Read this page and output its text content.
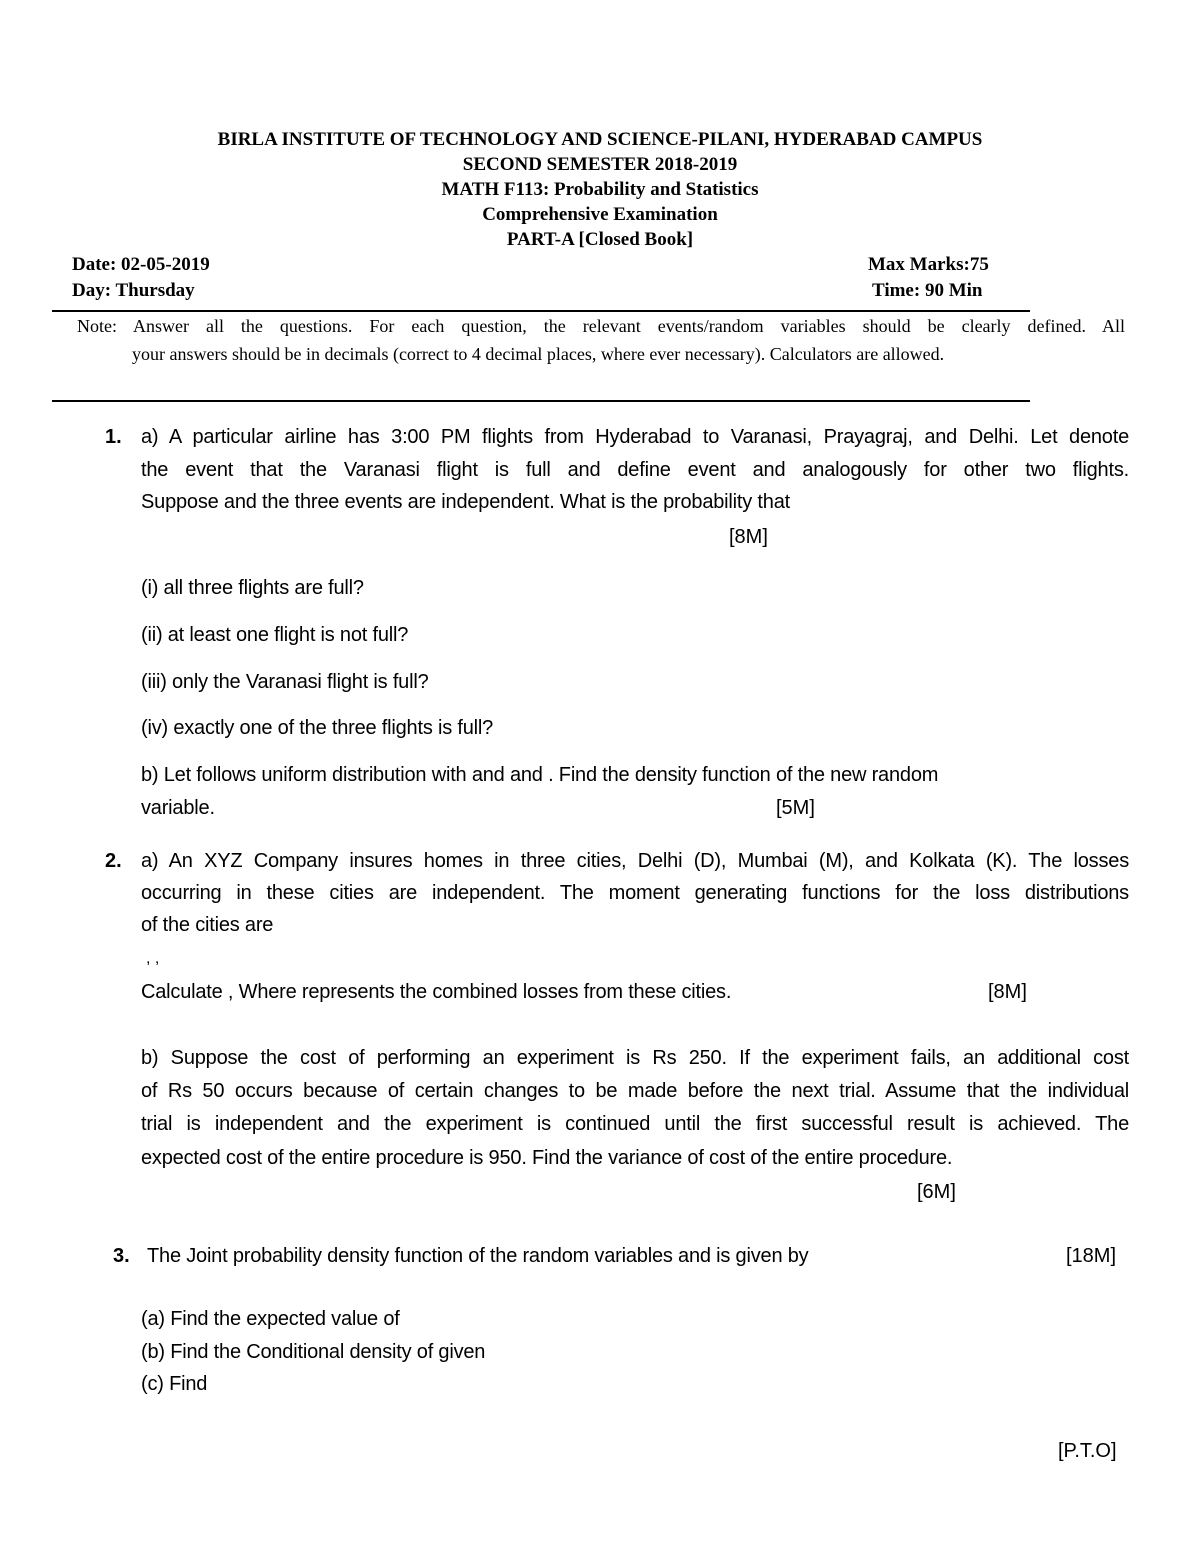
BIRLA INSTITUTE OF TECHNOLOGY AND SCIENCE-PILANI, HYDERABAD CAMPUS
SECOND SEMESTER 2018-2019
MATH F113: Probability and Statistics
Comprehensive Examination
PART-A [Closed Book]
Date: 02-05-2019	Max Marks:75
Day: Thursday	Time: 90 Min
Note: Answer all the questions. For each question, the relevant events/random variables should be clearly defined. All
your answers should be in decimals (correct to 4 decimal places, where ever necessary). Calculators are allowed.
1. a) A particular airline has 3:00 PM flights from Hyderabad to Varanasi, Prayagraj, and Delhi. Let denote
the event that the Varanasi flight is full and define event and analogously for other two flights.
Suppose and the three events are independent. What is the probability that
[8M]
(i) all three flights are full?
(ii) at least one flight is not full?
(iii) only the Varanasi flight is full?
(iv) exactly one of the three flights is full?
b) Let follows uniform distribution with and and . Find the density function of the new random
variable.	[5M]
2. a) An XYZ Company insures homes in three cities, Delhi (D), Mumbai (M), and Kolkata (K). The losses
occurring in these cities are independent. The moment generating functions for the loss distributions
of the cities are
, ,
Calculate , Where represents the combined losses from these cities.	[8M]
b) Suppose the cost of performing an experiment is Rs 250. If the experiment fails, an additional cost
of Rs 50 occurs because of certain changes to be made before the next trial. Assume that the individual
trial is independent and the experiment is continued until the first successful result is achieved. The
expected cost of the entire procedure is 950. Find the variance of cost of the entire procedure.
[6M]
3. The Joint probability density function of the random variables and is given by	[18M]
(a) Find the expected value of
(b) Find the Conditional density of given
(c) Find
[P.T.O]
